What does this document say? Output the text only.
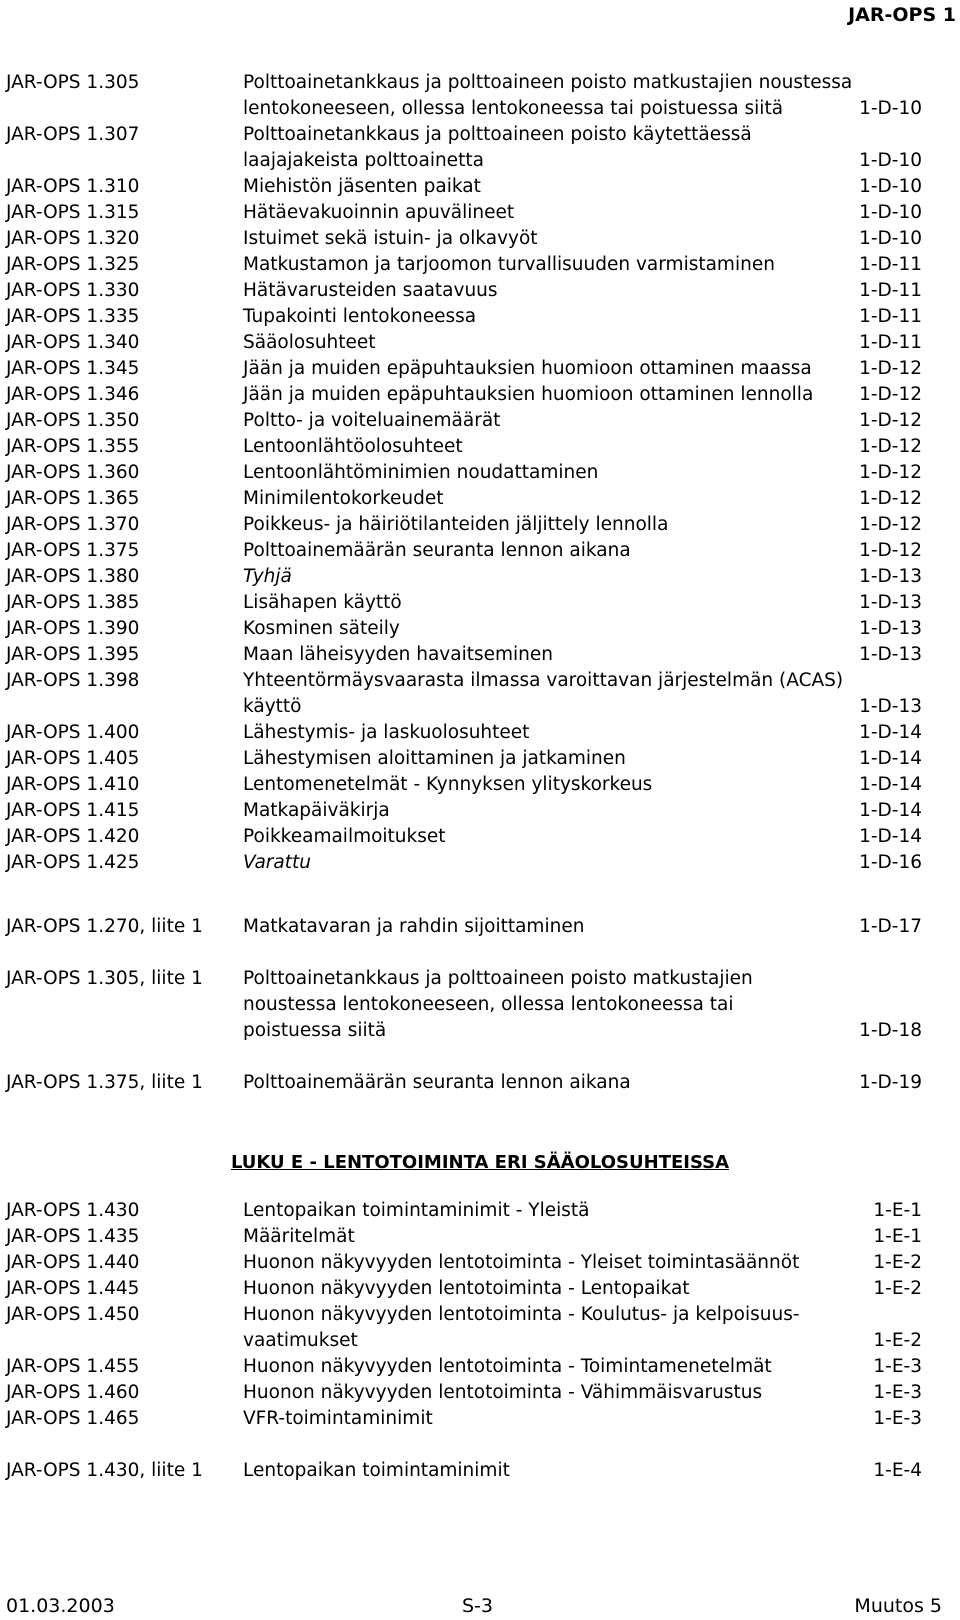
JAR-OPS 1
JAR-OPS 1.305	Polttoainetankkaus ja polttoaineen poisto matkustajien noustessa
lentokoneeseen, ollessa lentokoneessa tai poistuessa siitä	1-D-10
JAR-OPS 1.307	Polttoainetankkaus ja polttoaineen poisto käytettäessä
laajajakeista polttoainetta	1-D-10
JAR-OPS 1.310	Miehistön jäsenten paikat	1-D-10
JAR-OPS 1.315	Hätäevakuoinnin apuvälineet	1-D-10
JAR-OPS 1.320	Istuimet sekä istuin- ja olkavyöt	1-D-10
JAR-OPS 1.325	Matkustamon ja tarjoomon turvallisuuden varmistaminen	1-D-11
JAR-OPS 1.330	Hätävarusteiden saatavuus	1-D-11
JAR-OPS 1.335	Tupakointi lentokoneessa	1-D-11
JAR-OPS 1.340	Sääolosuhteet	1-D-11
JAR-OPS 1.345	Jään ja muiden epäpuhtauksien huomioon ottaminen maassa	1-D-12
JAR-OPS 1.346	Jään ja muiden epäpuhtauksien huomioon ottaminen lennolla 1-D-12
JAR-OPS 1.350	Poltto- ja voiteluainemäärät	1-D-12
JAR-OPS 1.355	Lentoonlähtöolosuhteet	1-D-12
JAR-OPS 1.360	Lentoonlähtöminimien noudattaminen	1-D-12
JAR-OPS 1.365	Minimilentokorkeudet	1-D-12
JAR-OPS 1.370	Poikkeus- ja häiriötilanteiden jäljittely lennolla	1-D-12
JAR-OPS 1.375	Polttoainemäärän seuranta lennon aikana	1-D-12
JAR-OPS 1.380	Tyhjä	1-D-13
JAR-OPS 1.385	Lisähapen käyttö	1-D-13
JAR-OPS 1.390	Kosminen säteily	1-D-13
JAR-OPS 1.395	Maan läheisyyden havaitseminen	1-D-13
JAR-OPS 1.398	Yhteentörmäysvaarasta ilmassa varoittavan järjestelmän (ACAS)
käyttö	1-D-13
JAR-OPS 1.400	Lähestymis- ja laskuolosuhteet	1-D-14
JAR-OPS 1.405	Lähestymisen aloittaminen ja jatkaminen	1-D-14
JAR-OPS 1.410	Lentomenetelmät - Kynnyksen ylityskorkeus	1-D-14
JAR-OPS 1.415	Matkapäiväkirja	1-D-14
JAR-OPS 1.420	Poikkeamailmoitukset	1-D-14
JAR-OPS 1.425	Varattu	1-D-16
JAR-OPS 1.270, liite 1 Matkatavaran ja rahdin sijoittaminen	1-D-17
JAR-OPS 1.305, liite 1 Polttoainetankkaus ja polttoaineen poisto matkustajien
noustessa lentokoneeseen, ollessa lentokoneessa tai
poistuessa siitä	1-D-18
JAR-OPS 1.375, liite 1 Polttoainemäärän seuranta lennon aikana	1-D-19
LUKU E - LENTOTOIMINTA ERI SÄÄOLOSUHTEISSA
JAR-OPS 1.430	Lentopaikan toimintaminimit - Yleistä	1-E-1
JAR-OPS 1.435	Määritelmät	1-E-1
JAR-OPS 1.440	Huonon näkyvyyden lentotoiminta - Yleiset toimintasäännöt	1-E-2
JAR-OPS 1.445	Huonon näkyvyyden lentotoiminta - Lentopaikat	1-E-2
JAR-OPS 1.450	Huonon näkyvyyden lentotoiminta - Koulutus- ja kelpoisuus-
vaatimukset	1-E-2
JAR-OPS 1.455	Huonon näkyvyyden lentotoiminta - Toimintamenetelmät	1-E-3
JAR-OPS 1.460	Huonon näkyvyyden lentotoiminta - Vähimmäisvarustus	1-E-3
JAR-OPS 1.465	VFR-toimintaminimit	1-E-3
JAR-OPS 1.430, liite 1 Lentopaikan toimintaminimit	1-E-4
01.03.2003	S-3	Muutos 5
